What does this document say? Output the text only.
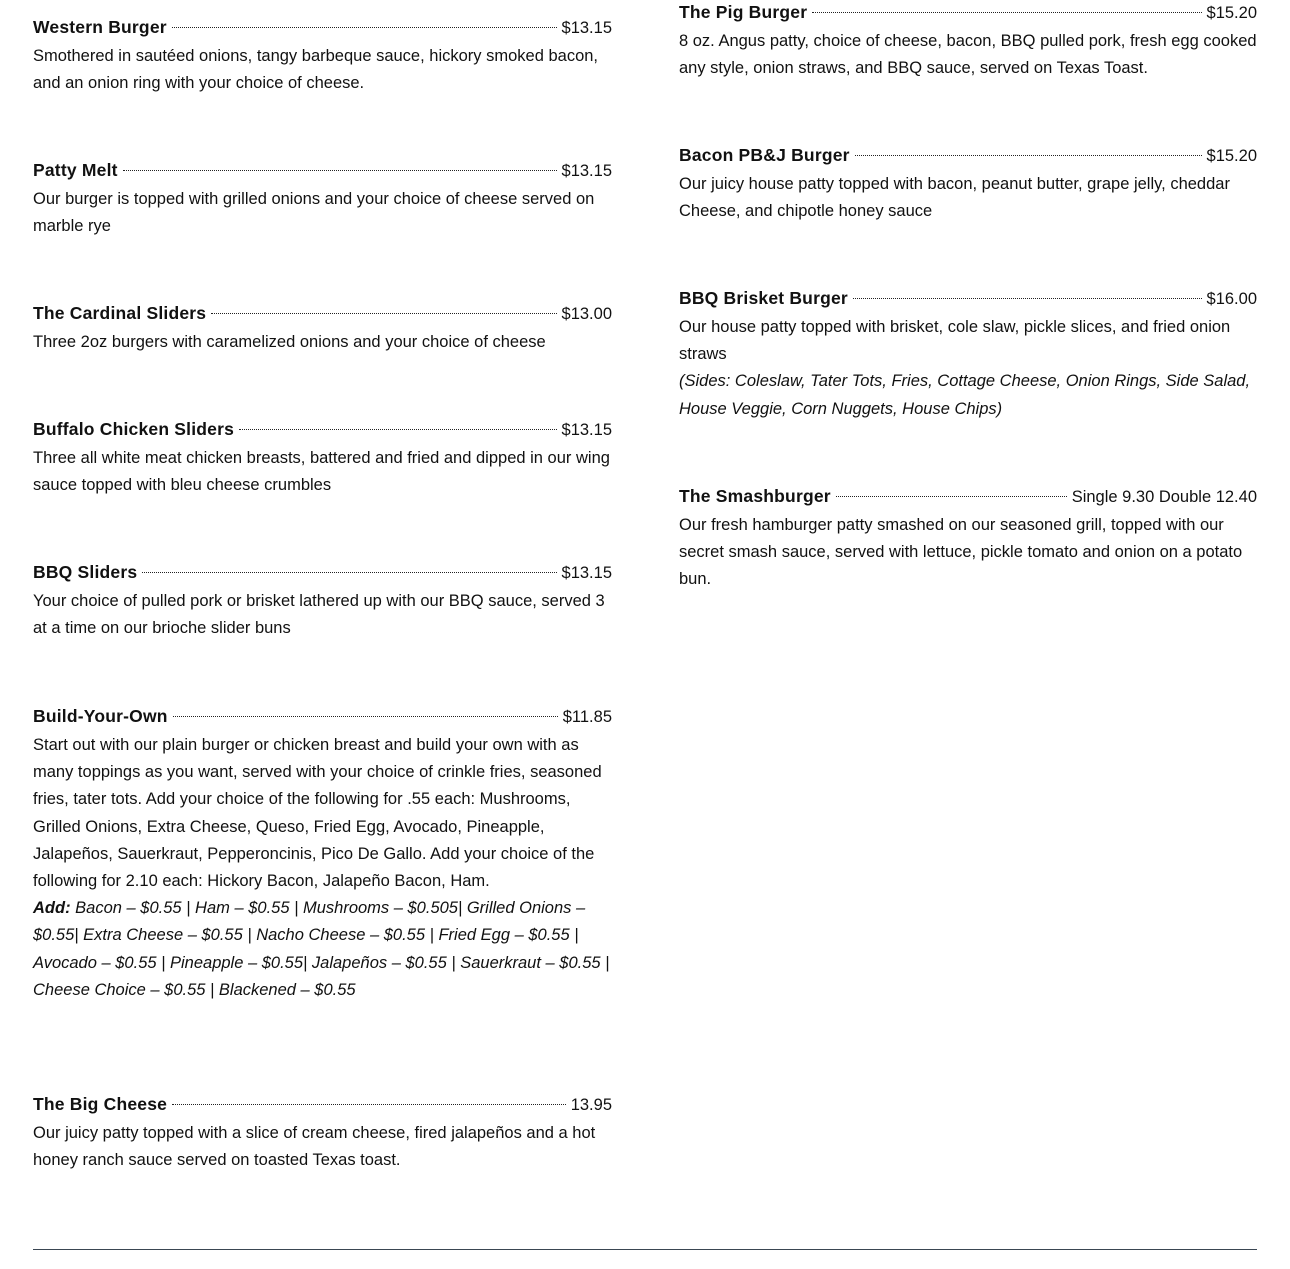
Western Burger	$13.15

Smothered in sautéed onions, tangy barbeque sauce, hickory smoked bacon, and an onion ring with your choice of cheese.

Patty Melt	$13.15

Our burger is topped with grilled onions and your choice of cheese served on marble rye

The Cardinal Sliders	$13.00

Three 2oz burgers with caramelized onions and your choice of cheese

Buffalo Chicken Sliders	$13.15

Three all white meat chicken breasts, battered and fried and dipped in our wing sauce topped with bleu cheese crumbles

BBQ Sliders	$13.15

Your choice of pulled pork or brisket lathered up with our BBQ sauce, served 3 at a time on our brioche slider buns

Build-Your-Own	$11.85

Start out with our plain burger or chicken breast and build your own with as many toppings as you want, served with your choice of crinkle fries, seasoned fries, tater tots. Add your choice of the following for .55 each: Mushrooms, Grilled Onions, Extra Cheese, Queso, Fried Egg, Avocado, Pineapple, Jalapeños, Sauerkraut, Pepperoncinis, Pico De Gallo. Add your choice of the following for 2.10 each: Hickory Bacon, Jalapeño Bacon, Ham.

Add: Bacon – $0.55 | Ham – $0.55 | Mushrooms – $0.505| Grilled Onions – $0.55| Extra Cheese – $0.55 | Nacho Cheese – $0.55 | Fried Egg – $0.55 | Avocado – $0.55 | Pineapple – $0.55| Jalapeños – $0.55 | Sauerkraut – $0.55 | Cheese Choice – $0.55 | Blackened – $0.55

The Big Cheese	13.95

Our juicy patty topped with a slice of cream cheese, fired jalapeños and a hot honey ranch sauce served on toasted Texas toast.

The Pig Burger	$15.20

8 oz. Angus patty, choice of cheese, bacon, BBQ pulled pork, fresh egg cooked any style, onion straws, and BBQ sauce, served on Texas Toast.

Bacon PB&J Burger	$15.20

Our juicy house patty topped with bacon, peanut butter, grape jelly, cheddar Cheese, and chipotle honey sauce

BBQ Brisket Burger	$16.00

Our house patty topped with brisket, cole slaw, pickle slices, and fried onion straws

(Sides: Coleslaw, Tater Tots, Fries, Cottage Cheese, Onion Rings, Side Salad, House Veggie, Corn Nuggets, House Chips)

The Smashburger	Single 9.30 Double 12.40

Our fresh hamburger patty smashed on our seasoned grill, topped with our secret smash sauce, served with lettuce, pickle tomato and onion on a potato bun.
